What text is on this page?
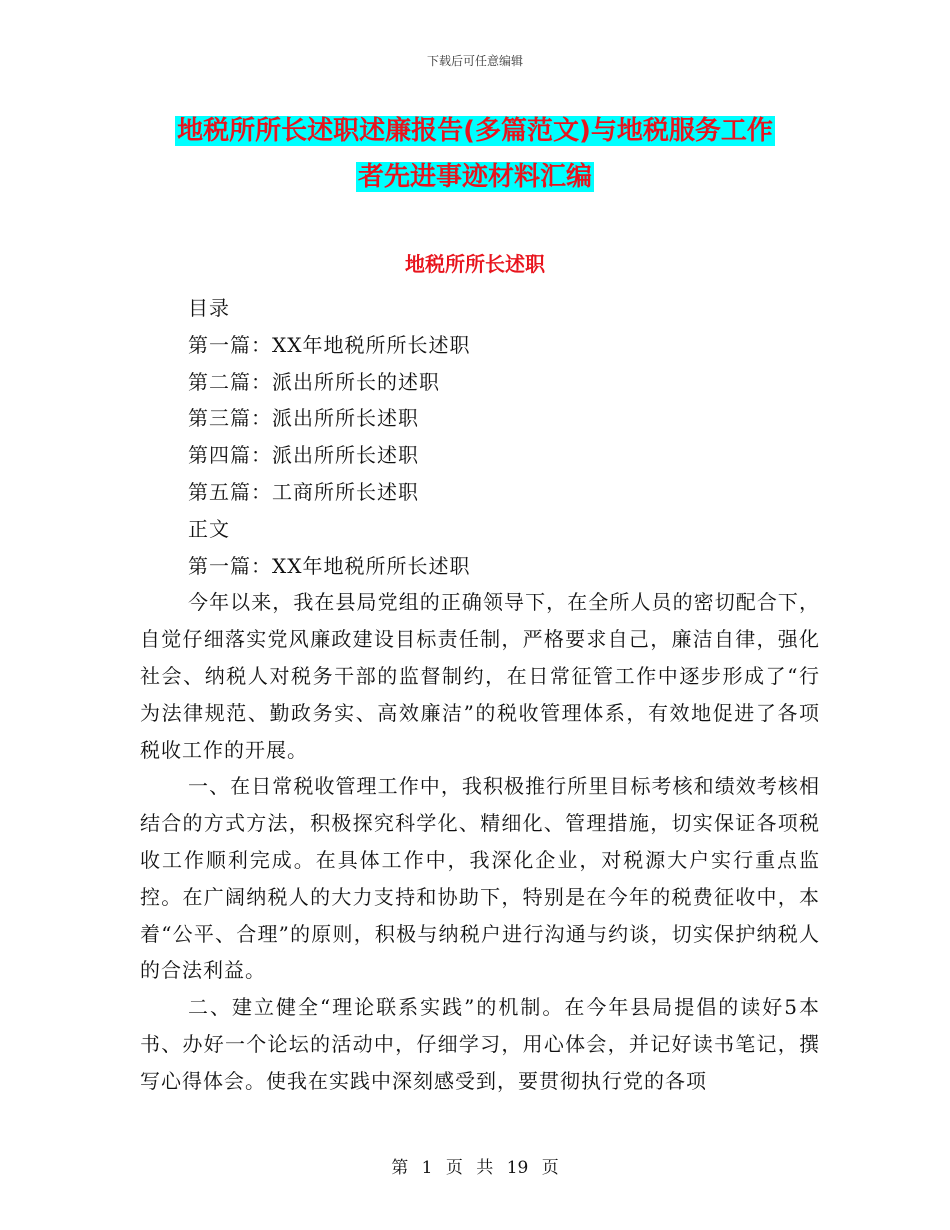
下载后可任意编辑
地税所所长述职述廉报告(多篇范文)与地税服务工作
者先进事迹材料汇编
地税所所长述职
目录
第一篇：XX年地税所所长述职
第二篇：派出所所长的述职
第三篇：派出所所长述职
第四篇：派出所所长述职
第五篇：工商所所长述职
正文
第一篇：XX年地税所所长述职
今年以来，我在县局党组的正确领导下，在全所人员的密切配合下，自觉仔细落实党风廉政建设目标责任制，严格要求自己，廉洁自律，强化社会、纳税人对税务干部的监督制约，在日常征管工作中逐步形成了“行为法律规范、勤政务实、高效廉洁”的税收管理体系，有效地促进了各项税收工作的开展。
一、在日常税收管理工作中，我积极推行所里目标考核和绩效考核相结合的方式方法，积极探究科学化、精细化、管理措施，切实保证各项税收工作顺利完成。在具体工作中，我深化企业，对税源大户实行重点监控。在广阔纳税人的大力支持和协助下，特别是在今年的税费征收中，本着“公平、合理”的原则，积极与纳税户进行沟通与约谈，切实保护纳税人的合法利益。
二、建立健全“理论联系实践”的机制。在今年县局提倡的读好5本书、办好一个论坛的活动中，仔细学习，用心体会，并记好读书笔记，撰写心得体会。使我在实践中深刻感受到，要贯彻执行党的各项
第 1 页 共 19 页
